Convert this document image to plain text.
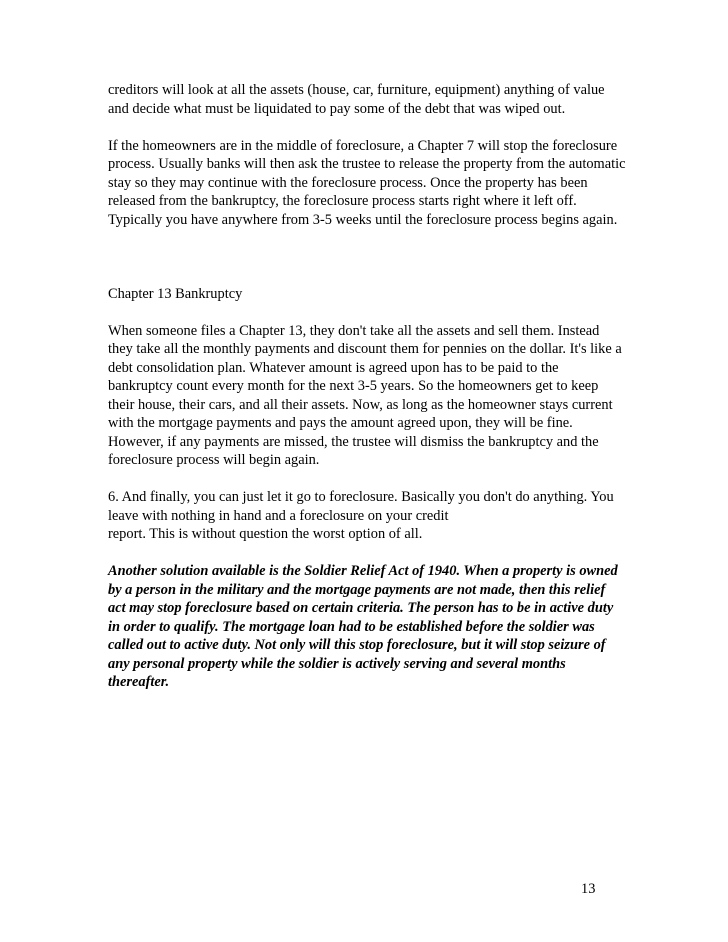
creditors will look at all the assets (house, car, furniture, equipment) anything of value
and decide what must be liquidated to pay some of the debt that was wiped out.
If the homeowners are in the middle of foreclosure, a Chapter 7 will stop the foreclosure
process. Usually banks will then ask the trustee to release the property from the automatic
stay so they may continue with the foreclosure process. Once the property has been
released from the bankruptcy, the foreclosure process starts right where it left off.
Typically you have anywhere from 3-5 weeks until the foreclosure process begins again.
Chapter 13 Bankruptcy
When someone files a Chapter 13, they don't take all the assets and sell them. Instead
they take all the monthly payments and discount them for pennies on the dollar. It's like a
debt consolidation plan. Whatever amount is agreed upon has to be paid to the
bankruptcy count every month for the next 3-5 years. So the homeowners get to keep
their house, their cars, and all their assets. Now, as long as the homeowner stays current
with the mortgage payments and pays the amount agreed upon, they will be fine.
However, if any payments are missed, the trustee will dismiss the bankruptcy and the
foreclosure process will begin again.
6. And finally, you can just let it go to foreclosure. Basically you don't do anything. You
leave with nothing in hand and a foreclosure on your credit
report. This is without question the worst option of all.
Another solution available is the Soldier Relief Act of 1940. When a property is owned
by a person in the military and the mortgage payments are not made, then this relief
act may stop foreclosure based on certain criteria. The person has to be in active duty
in order to qualify. The mortgage loan had to be established before the soldier was
called out to active duty. Not only will this stop foreclosure, but it will stop seizure of
any personal property while the soldier is actively serving and several months
thereafter.
13
